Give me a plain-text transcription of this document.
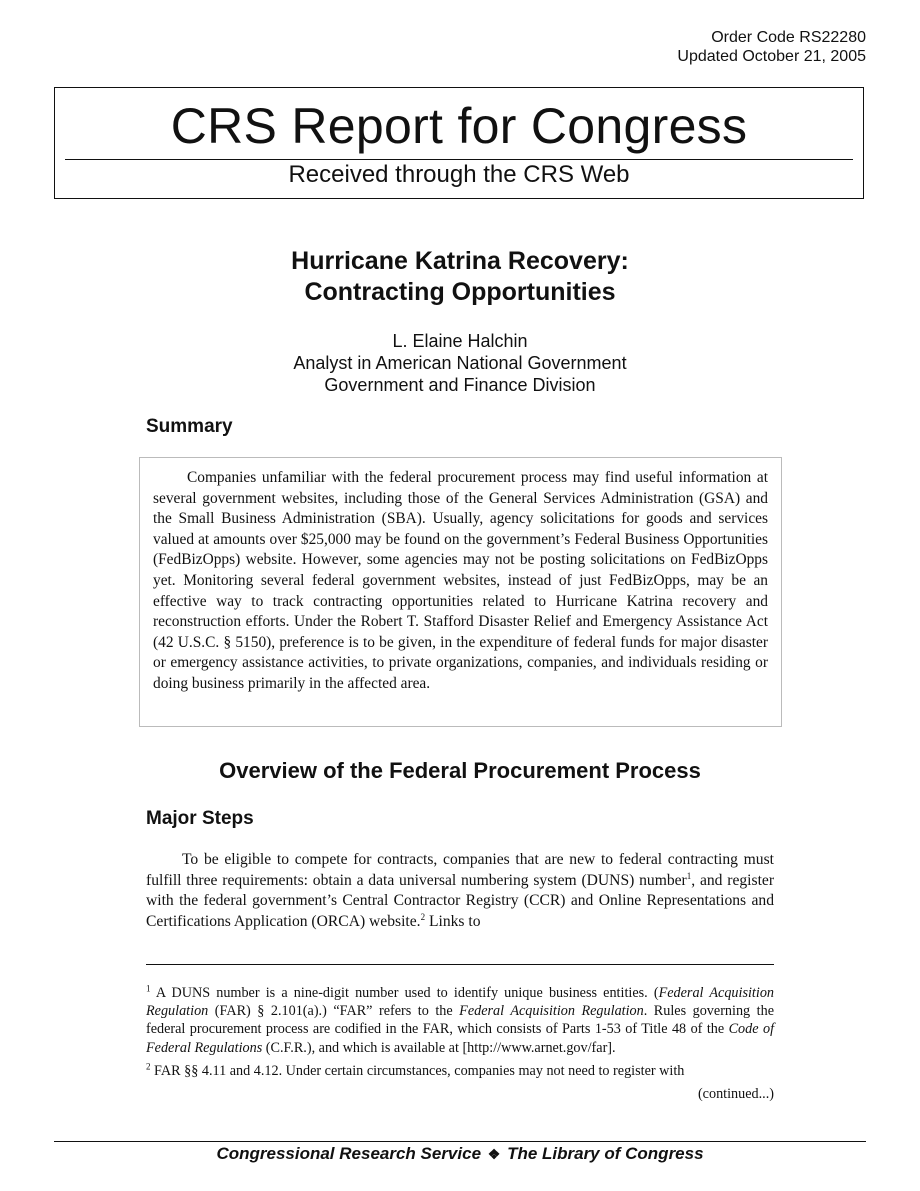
Order Code RS22280
Updated October 21, 2005
CRS Report for Congress
Received through the CRS Web
Hurricane Katrina Recovery:
Contracting Opportunities
L. Elaine Halchin
Analyst in American National Government
Government and Finance Division
Summary

Companies unfamiliar with the federal procurement process may find useful information at several government websites, including those of the General Services Administration (GSA) and the Small Business Administration (SBA). Usually, agency solicitations for goods and services valued at amounts over $25,000 may be found on the government’s Federal Business Opportunities (FedBizOpps) website. However, some agencies may not be posting solicitations on FedBizOpps yet. Monitoring several federal government websites, instead of just FedBizOpps, may be an effective way to track contracting opportunities related to Hurricane Katrina recovery and reconstruction efforts. Under the Robert T. Stafford Disaster Relief and Emergency Assistance Act (42 U.S.C. § 5150), preference is to be given, in the expenditure of federal funds for major disaster or emergency assistance activities, to private organizations, companies, and individuals residing or doing business primarily in the affected area.

Overview of the Federal Procurement Process
Major Steps

To be eligible to compete for contracts, companies that are new to federal contracting must fulfill three requirements: obtain a data universal numbering system (DUNS) number$^1$, and register with the federal government’s Central Contractor Registry (CCR) and Online Representations and Certifications Application (ORCA) website.$^2$ Links to

$^1$ A DUNS number is a nine-digit number used to identify unique business entities. (Federal Acquisition Regulation (FAR) § 2.101(a).) “FAR” refers to the Federal Acquisition Regulation. Rules governing the federal procurement process are codified in the FAR, which consists of Parts 1-53 of Title 48 of the Code of Federal Regulations (C.F.R.), and which is available at [http://www.arnet.gov/far].

$^2$ FAR §§ 4.11 and 4.12. Under certain circumstances, companies may not need to register with

(continued...)
Congressional Research Service ❖ The Library of Congress
